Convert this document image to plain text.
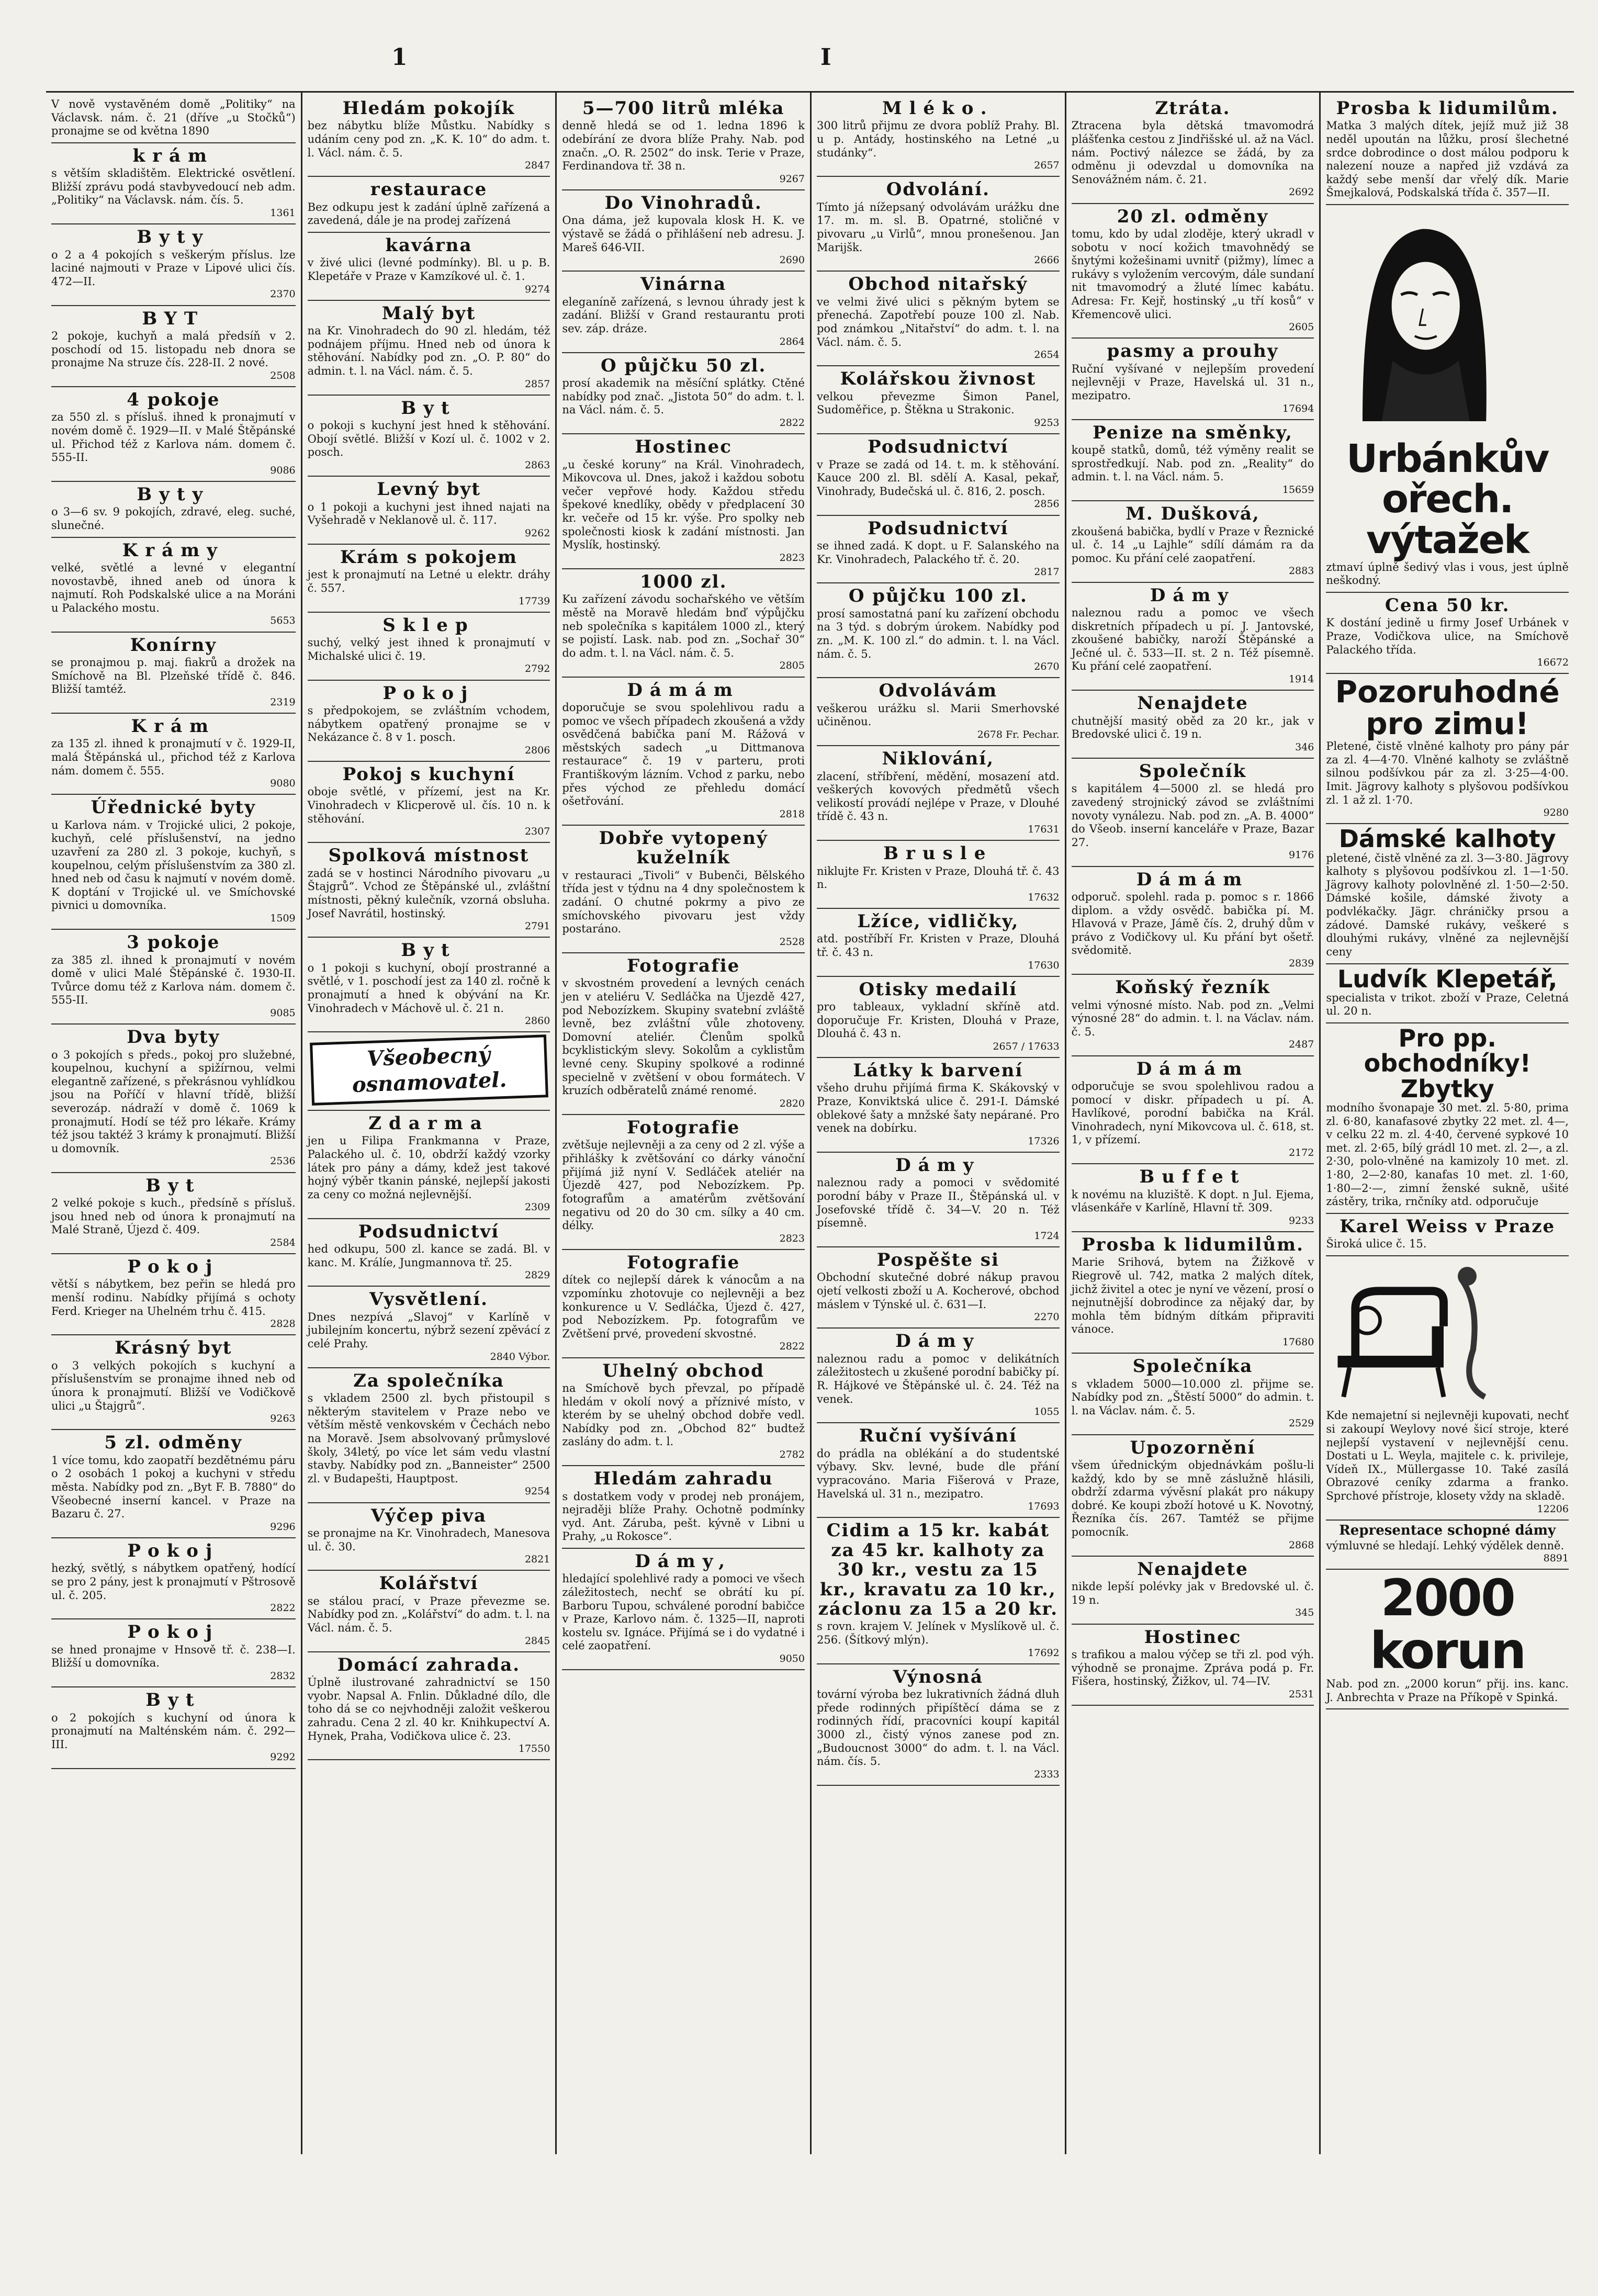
1	I

V nově vystavěném domě „Politiky“ na Václavsk. nám. č. 21 (dříve „u Stočků“) pronajme se od května 1890

krám

s větším skladištěm. Elektrické osvětlení. Bližší zprávu podá stavbyvedoucí neb adm. „Politiky“ na Václavsk. nám. čís. 5.

1361
Byty

o 2 a 4 pokojích s veškerým příslus. lze laciné najmouti v Praze v Lipové ulici čís. 472—II.

2370
BYT

2 pokoje, kuchyň a malá předsíň v 2. poschodí od 15. listopadu neb dnora se pronajme Na struze čís. 228-II. 2 nové.

2508
4 pokoje

za 550 zl. s přísluš. ihned k pronajmutí v novém domě č. 1929—II. v Malé Štěpánské ul. Přichod též z Karlova nám. domem č. 555-II.

9086
Byty

o 3—6 sv. 9 pokojích, zdravé, eleg. suché, slunečné.

Krámy

velké, světlé a levné v elegantní novostavbě, ihned aneb od února k najmutí. Roh Podskalské ulice a na Moráni u Palackého mostu.

5653
Konírny

se pronajmou p. maj. fiakrů a drožek na Smíchově na Bl. Plzeňské třídě č. 846. Bližší tamtéž.

2319
Krám

za 135 zl. ihned k pronajmutí v č. 1929-II, malá Štěpánská ul., přichod též z Karlova nám. domem č. 555.

9080
Úřednické byty

u Karlova nám. v Trojické ulici, 2 pokoje, kuchyň, celé příslušenství, na jedno uzavření za 280 zl. 3 pokoje, kuchyň, s koupelnou, celým příslušenstvím za 380 zl. hned neb od času k najmutí v novém domě. K doptání v Trojické ul. ve Smíchovské pivnici u domovníka.

1509
3 pokoje

za 385 zl. ihned k pronajmutí v novém domě v ulici Malé Štěpánské č. 1930-II. Tvůrce domu též z Karlova nám. domem č. 555-II.

9085
Dva byty

o 3 pokojích s předs., pokoj pro služebné, koupelnou, kuchyní a spižírnou, velmi elegantně zařízené, s překrásnou vyhlídkou jsou na Poříčí v hlavní třídě, bližší severozáp. nádraží v domě č. 1069 k pronajmutí. Hodí se též pro lékaře. Krámy též jsou taktéž 3 krámy k pronajmutí. Bližší u domovník.

2536
Byt

2 velké pokoje s kuch., předsíně s přísluš. jsou hned neb od února k pronajmutí na Malé Straně, Újezd č. 409.

2584
Pokoj

větší s nábytkem, bez peřin se hledá pro menší rodinu. Nabídky přijímá s ochoty Ferd. Krieger na Uhelném trhu č. 415.

2828
Krásný byt

o 3 velkých pokojích s kuchyní a příslušenstvím se pronajme ihned neb od února k pronajmutí. Bližší ve Vodičkově ulici „u Štajgrů“.

9263
5 zl. odměny

1 více tomu, kdo zaopatří bezdětnému páru o 2 osobách 1 pokoj a kuchyni v středu města. Nabídky pod zn. „Byt F. B. 7880“ do Všeobecné inserní kancel. v Praze na Bazaru č. 27.

9296
Pokoj

hezký, světlý, s nábytkem opatřený, hodící se pro 2 pány, jest k pronajmutí v Pštrosově ul. č. 205.

2822
Pokoj

se hned pronajme v Hnsově tř. č. 238—I. Bližší u domovníka.

2832
Byt

o 2 pokojích s kuchyní od února k pronajmutí na Malténském nám. č. 292—III.

9292
Hledám pokojík

bez nábytku blíže Můstku. Nabídky s udáním ceny pod zn. „K. K. 10“ do adm. t. l. Václ. nám. č. 5.

2847
restaurace

Bez odkupu jest k zadání úplně zařízená a zavedená, dále je na prodej zařízená

kavárna

v živé ulici (levné podmínky). Bl. u p. B. Klepetáře v Praze v Kamzíkové ul. č. 1.

9274
Malý byt

na Kr. Vinohradech do 90 zl. hledám, též podnájem příjmu. Hned neb od února k stěhování. Nabídky pod zn. „O. P. 80“ do admin. t. l. na Václ. nám. č. 5.

2857
Byt

o pokoji s kuchyní jest hned k stěhování. Obojí světlé. Bližší v Kozí ul. č. 1002 v 2. posch.

2863
Levný byt

o 1 pokoji a kuchyni jest ihned najati na Vyšehradě v Neklanově ul. č. 117.

9262
Krám s pokojem

jest k pronajmutí na Letné u elektr. dráhy č. 557.

17739
Sklep

suchý, velký jest ihned k pronajmutí v Michalské ulici č. 19.

2792
Pokoj

s předpokojem, se zvláštním vchodem, nábytkem opatřený pronajme se v Nekázance č. 8 v 1. posch.

2806
Pokoj s kuchyní

oboje světlé, v přízemí, jest na Kr. Vinohradech v Klicperově ul. čís. 10 n. k stěhování.

2307
Spolková místnost

zadá se v hostinci Národního pivovaru „u Štajgrů“. Vchod ze Štěpánské ul., zvláštní místnosti, pěkný kulečník, vzorná obsluha. Josef Navrátil, hostinský.

2791
Byt

o 1 pokoji s kuchyní, obojí prostranné a světlé, v 1. poschodí jest za 140 zl. ročně k pronajmutí a hned k obývání na Kr. Vinohradech v Máchově ul. č. 21 n.

2860
Všeobecný osnamovatel.
Zdarma

jen u Filipa Frankmanna v Praze, Palackého ul. č. 10, obdrží každý vzorky látek pro pány a dámy, kdež jest takové hojný výběr tkanin pánské, nejlepší jakosti za ceny co možná nejlevnější.

2309
Podsudnictví

hed odkupu, 500 zl. kance se zadá. Bl. v kanc. M. Králíe, Jungmannova tř. 25.

2829
Vysvětlení.

Dnes nezpívá „Slavoj“ v Karlíně v jubilejním koncertu, nýbrž sezení zpěvácí z celé Prahy.

2840 Výbor.
Za společníka

s vkladem 2500 zl. bych přistoupil s některým stavitelem v Praze nebo ve větším městě venkovském v Čechách nebo na Moravě. Jsem absolvovaný průmyslové školy, 34letý, po více let sám vedu vlastní stavby. Nabídky pod zn. „Banneister“ 2500 zl. v Budapešti, Hauptpost.

9254
Výčep piva

se pronajme na Kr. Vinohradech, Manesova ul. č. 30.

2821
Kolářství

se stálou prací, v Praze převezme se. Nabídky pod zn. „Kolářství“ do adm. t. l. na Václ. nám. č. 5.

2845
Domácí zahrada.

Úplně ilustrované zahradnictví se 150 vyobr. Napsal A. Fnlin. Důkladné dílo, dle toho dá se co nejvhodněji založit veškerou zahradu. Cena 2 zl. 40 kr. Knihkupectví A. Hynek, Praha, Vodičkova ulice č. 23.

17550
5—700 litrů mléka

denně hledá se od 1. ledna 1896 k odebírání ze dvora blíže Prahy. Nab. pod značn. „O. R. 2502“ do insk. Terie v Praze, Ferdinandova tř. 38 n.

9267
Do Vinohradů.

Ona dáma, jež kupovala klosk H. K. ve výstavě se žádá o přihlášení neb adresu. J. Mareš 646-VII.

2690
Vinárna

eleganíně zařízená, s levnou úhrady jest k zadání. Bližší v Grand restaurantu proti sev. záp. dráze.

2864
O půjčku 50 zl.

prosí akademik na měsíční splátky. Ctěné nabídky pod znač. „Jistota 50“ do adm. t. l. na Václ. nám. č. 5.

2822
Hostinec

„u české koruny“ na Král. Vinohradech, Mikovcova ul. Dnes, jakož i každou sobotu večer vepřové hody. Každou středu špekové knedlíky, obědy v předplacení 30 kr. večeře od 15 kr. výše. Pro spolky neb společnosti kiosk k zadání místnosti. Jan Myslík, hostinský.

2823
1000 zl.

Ku zařízení závodu sochařského ve větším městě na Moravě hledám bnď výpůjčku neb společníka s kapitálem 1000 zl., který se pojistí. Lask. nab. pod zn. „Sochař 30“ do adm. t. l. na Václ. nám. č. 5.

2805
Dámám

doporučuje se svou spolehlivou radu a pomoc ve všech případech zkoušená a vždy osvědčená babička paní M. Rážová v městských sadech „u Dittmanova restaurace“ č. 19 v parteru, proti Františkovým lázním. Vchod z parku, nebo přes východ ze přehledu domácí ošetřování.

2818
Dobře vytopený kuželník

v restauraci „Tivoli“ v Bubenči, Bělského třída jest v týdnu na 4 dny společnostem k zadání. O chutné pokrmy a pivo ze smíchovského pivovaru jest vždy postaráno.

2528
Fotografie

v skvostném provedení a levných cenách jen v ateliéru V. Sedláčka na Újezdě 427, pod Nebozízkem. Skupiny svatební zvláště levně, bez zvláštní vůle zhotoveny. Domovní ateliér. Členům spolků bcyklistickým slevy. Sokolům a cyklistům levné ceny. Skupiny spolkové a rodinné specielně v zvětšení v obou formátech. V kruzích odběratelů známé renomé.

2820
Fotografie

zvětšuje nejlevněji a za ceny od 2 zl. výše a přihlášky k zvětšování co dárky vánoční přijímá již nyní V. Sedláček ateliér na Újezdě 427, pod Nebozízkem. Pp. fotografům a amatérům zvětšování negativu od 20 do 30 cm. sílky a 40 cm. délky.

2823
Fotografie

dítek co nejlepší dárek k vánocům a na vzpomínku zhotovuje co nejlevněji a bez konkurence u V. Sedláčka, Újezd č. 427, pod Nebozízkem. Pp. fotografům ve Zvětšení prvé, provedení skvostné.

2822
Uhelný obchod

na Smíchově bych převzal, po případě hledám v okolí nový a příznivé místo, v kterém by se uhelný obchod dobře vedl. Nabídky pod zn. „Obchod 82“ budtež zaslány do adm. t. l.

2782
Hledám zahradu

s dostatkem vody v prodej neb pronájem, nejraději blíže Prahy. Ochotně podmínky vyd. Ant. Záruba, pešt. kývně v Libni u Prahy, „u Rokosce“.

Dámy,

hledající spolehlivé rady a pomoci ve všech záležitostech, nechť se obrátí ku pí. Barboru Tupou, schválené porodní babičce v Praze, Karlovo nám. č. 1325—II, naproti kostelu sv. Ignáce. Přijímá se i do vydatné i celé zaopatření.

9050
Mléko.

300 litrů přijmu ze dvora poblíž Prahy. Bl. u p. Antády, hostinského na Letné „u studánky“.

2657
Odvolání.

Tímto já nížepsaný odvolávám urážku dne 17. m. m. sl. B. Opatrné, stoličné v pivovaru „u Virlů“, mnou pronešenou. Jan Marijšk.

2666
Obchod nitařský

ve velmi živé ulici s pěkným bytem se přenechá. Zapotřebí pouze 100 zl. Nab. pod známkou „Nitařství“ do adm. t. l. na Václ. nám. č. 5.

2654
Kolářskou živnost

velkou převezme Šimon Panel, Sudoměřice, p. Štěkna u Strakonic.

9253
Podsudnictví

v Praze se zadá od 14. t. m. k stěhování. Kauce 200 zl. Bl. sdělí A. Kasal, pekař, Vinohrady, Budečská ul. č. 816, 2. posch.

2856
Podsudnictví

se ihned zadá. K dopt. u F. Salanského na Kr. Vinohradech, Palackého tř. č. 20.

2817
O půjčku 100 zl.

prosí samostatná paní ku zařízení obchodu na 3 týd. s dobrým úrokem. Nabídky pod zn. „M. K. 100 zl.“ do admin. t. l. na Václ. nám. č. 5.

2670
Odvolávám

veškerou urážku sl. Marii Smerhovské učiněnou.

2678 Fr. Pechar.
Niklování,

zlacení, stříbření, mědění, mosazení atd. veškerých kovových předmětů všech velikostí provádí nejlépe v Praze, v Dlouhé třídě č. 43 n.

17631
Brusle

niklujte Fr. Kristen v Praze, Dlouhá tř. č. 43 n.

17632
Lžíce, vidličky,

atd. postříbří Fr. Kristen v Praze, Dlouhá tř. č. 43 n.

17630
Otisky medailí

pro tableaux, vykladní skříně atd. doporučuje Fr. Kristen, Dlouhá v Praze, Dlouhá č. 43 n.

2657 / 17633
Látky k barvení

všeho druhu přijímá firma K. Skákovský v Praze, Konviktská ulice č. 291-I. Dámské oblekové šaty a mnžské šaty nepárané. Pro venek na dobírku.

17326
Dámy

naleznou rady a pomoci v svědomité porodní báby v Praze II., Štěpánská ul. v Josefovské třídě č. 34—V. 20 n. Též písemně.

1724
Pospěšte si

Obchodní skutečné dobré nákup pravou ojetí velkosti zboží u A. Kocherové, obchod máslem v Týnské ul. č. 631—I.

2270
Dámy

naleznou radu a pomoc v delikátních záležitostech u zkušené porodní babičky pí. R. Hájkové ve Štěpánské ul. č. 24. Též na venek.

1055
Ruční vyšívání

do prádla na oblékání a do studentské výbavy. Skv. levné, bude dle přání vypracováno. Maria Fišerová v Praze, Havelská ul. 31 n., mezipatro.

17693
Cidim a 15 kr. kabát za 45 kr. kalhoty za 30 kr., vestu za 15 kr., kravatu za 10 kr., záclonu za 15 a 20 kr.

s rovn. krajem V. Jelínek v Myslíkově ul. č. 256. (Šítkový mlýn).

17692
Výnosná

tovární výroba bez lukrativních žádná dluh přede rodinných připíštěcí dáma se z rodinných řídí, pracovníci koupí kapitál 3000 zl., čistý výnos zanese pod zn. „Budoucnost 3000“ do adm. t. l. na Václ. nám. čís. 5.

2333
Ztráta.

Ztracena byla dětská tmavomodrá plášťenka cestou z Jindřišské ul. až na Václ. nám. Poctivý nálezce se žádá, by za odměnu ji odevzdal u domovníka na Senovážném nám. č. 21.

2692
20 zl. odměny

tomu, kdo by udal zloděje, který ukradl v sobotu v nocí kožich tmavohnědý se šnytými kožešinami uvnitř (pižmy), límec a rukávy s vyložením vercovým, dále sundaní nit tmavomodrý a žluté límec kabátu. Adresa: Fr. Kejř, hostinský „u tří kosů“ v Křemencově ulici.

2605
pasmy a prouhy

Ruční vyšívané v nejlepším provedení nejlevněji v Praze, Havelská ul. 31 n., mezipatro.

17694
Penize na směnky,

koupě statků, domů, též výměny realit se sprostředkují. Nab. pod zn. „Reality“ do admin. t. l. na Václ. nám. 5.

15659
M. Dušková,

zkoušená babička, bydlí v Praze v Řeznické ul. č. 14 „u Lajhle“ sdílí dámám ra da pomoc. Ku přání celé zaopatření.

2883
Dámy

naleznou radu a pomoc ve všech diskretních případech u pí. J. Jantovské, zkoušené babičky, naroží Štěpánské a Ječné ul. č. 533—II. st. 2 n. Též písemně. Ku přání celé zaopatření.

1914
Nenajdete

chutnější masitý oběd za 20 kr., jak v Bredovské ulici č. 19 n.

346
Společník

s kapitálem 4—5000 zl. se hledá pro zavedený strojnický závod se zvláštními novoty vynálezu. Nab. pod zn. „A. B. 4000“ do Všeob. inserní kanceláře v Praze, Bazar 27.

9176
Dámám

odporuč. spolehl. rada p. pomoc s r. 1866 diplom. a vždy osvědč. babička pí. M. Hlavová v Praze, Jámě čís. 2, druhý dům v právo z Vodičkovy ul. Ku přání byt ošetř. svědomitě.

2839
Koňský řezník

velmi výnosné místo. Nab. pod zn. „Velmi výnosné 28“ do admin. t. l. na Václav. nám. č. 5.

2487
Dámám

odporučuje se svou spolehlivou radou a pomocí v diskr. případech u pí. A. Havlíkové, porodní babička na Král. Vinohradech, nyní Mikovcova ul. č. 618, st. 1, v přízemí.

2172
Buffet

k novému na kluziště. K dopt. n Jul. Ejema, vlásenkáře v Karlíně, Hlavní tř. 309.

9233
Prosba k lidumilům.

Marie Srihová, bytem na Žižkově v Riegrově ul. 742, matka 2 malých dítek, jichž živitel a otec je nyní ve vězení, prosí o nejnutnější dobrodince za nějaký dar, by mohla těm bídným dítkám připraviti vánoce.

17680
Společníka

s vkladem 5000—10.000 zl. přijme se. Nabídky pod zn. „Štěstí 5000“ do admin. t. l. na Václav. nám. č. 5.

2529
Upozornění

všem úřednickým objednávkám pošlu-li každý, kdo by se mně záslužně hlásili, obdrží zdarma vývěsní plakát pro nákupy dobré. Ke koupi zboží hotové u K. Novotný, Řezníka čís. 267. Tamtéž se přijme pomocník.

2868
Nenajdete

nikde lepší polévky jak v Bredovské ul. č. 19 n.

345
Hostinec

s trafikou a malou výčep se tři zl. pod výh. výhodně se pronajme. Zpráva podá p. Fr. Fišera, hostinský, Žižkov, ul. 74—IV.

2531
Prosba k lidumilům.

Matka 3 malých dítek, jejíž muž již 38 neděl upoután na lůžku, prosí šlechetné srdce dobrodince o dost málou podporu k nalezení nouze a napřed již vzdává za každý sebe menší dar vřelý dík. Marie Šmejkalová, Podskalská třída č. 357—II.

Urbánkův ořech. výtažek

ztmaví úplně šedivý vlas i vous, jest úplně neškodný.

Cena 50 kr.

K dostání jedině u firmy Josef Urbánek v Praze, Vodičkova ulice, na Smíchově Palackého třída.

16672
Pozoruhodné pro zimu!

Pletené, čistě vlněné kalhoty pro pány pár za zl. 4—4·70. Vlněné kalhoty se zvláštně silnou podšívkou pár za zl. 3·25—4·00. Imit. Jägrovy kalhoty s plyšovou podšívkou zl. 1 až zl. 1·70.

9280
Dámské kalhoty

pletené, čistě vlněné za zl. 3—3·80. Jägrovy kalhoty s plyšovou podšívkou zl. 1—1·50. Jägrovy kalhoty polovlněné zl. 1·50—2·50. Dámské košile, dámské životy a podvlékačky. Jägr. chráničky prsou a zádové. Damské rukávy, veškeré s dlouhými rukávy, vlněné za nejlevnější ceny

Ludvík Klepetář,

specialista v trikot. zboží v Praze, Celetná ul. 20 n.

Pro pp. obchodníky! Zbytky

modního švonapaje 30 met. zl. 5·80, prima zl. 6·80, kanafasové zbytky 22 met. zl. 4—, v celku 22 m. zl. 4·40, červené sypkové 10 met. zl. 2·65, bílý grádl 10 met. zl. 2—, a zl. 2·30, polo-vlněné na kamizoly 10 met. zl. 1·80, 2—2·80, kanafas 10 met. zl. 1·60, 1·80—2·—, zimní ženské sukně, ušité zástěry, trika, rnčníky atd. odporučuje

Karel Weiss v Praze

Široká ulice č. 15.

Kde nemajetní si nejlevněji kupovati, nechť si zakoupí Weylovy nové šicí stroje, které nejlepší vystavení v nejlevnější cenu. Dostati u L. Weyla, majitele c. k. privileje, Vídeň IX., Müllergasse 10. Také zasílá Obrazové ceníky zdarma a franko. Sprchové přístroje, klosety vždy na skladě.

12206
Representace schopné dámy

výmluvné se hledají. Lehký výdělek denně.

8891
2000 korun

Nab. pod zn. „2000 korun“ přij. ins. kanc. J. Anbrechta v Praze na Příkopě v Spinká.
